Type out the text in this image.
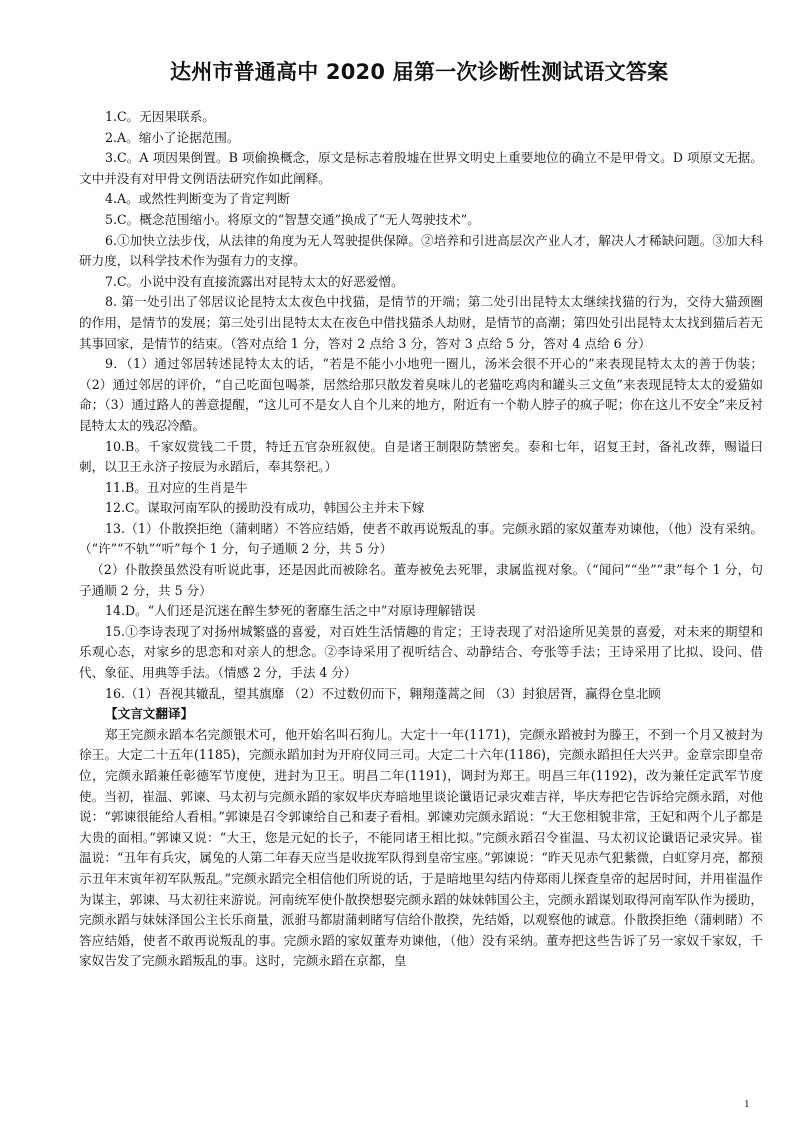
达州市普通高中 2020 届第一次诊断性测试语文答案

1.C。无因果联系。

2.A。缩小了论据范围。

3.C。A 项因果倒置。B 项偷换概念，原文是标志着殷墟在世界文明史上重要地位的确立不是甲骨文。D 项原文无据。文中并没有对甲骨文例语法研究作如此阐释。

4.A。或然性判断变为了肯定判断

5.C。概念范围缩小。将原文的“智慧交通”换成了“无人驾驶技术”。

6.①加快立法步伐，从法律的角度为无人驾驶提供保障。②培养和引进高层次产业人才，解决人才稀缺问题。③加大科研力度，以科学技术作为强有力的支撑。

7.C。小说中没有直接流露出对昆特太太的好恶爱憎。

8. 第一处引出了邻居议论昆特太太夜色中找猫，是情节的开端；第二处引出昆特太太继续找猫的行为，交待大猫颈圈的作用，是情节的发展；第三处引出昆特太太在夜色中借找猫杀人劫财，是情节的高潮；第四处引出昆特太太找到猫后若无其事回家，是情节的结束。（答对点给 1 分，答对 2 点给 3 分，答对 3 点给 5 分，答对 4 点给 6 分）

9．（1）通过邻居转述昆特太太的话，“若是不能小小地兜一圈儿，汤米会很不开心的”来表现昆特太太的善于伪装；（2）通过邻居的评价，“自己吃面包喝茶，居然给那只散发着臭味儿的老猫吃鸡肉和罐头三文鱼”来表现昆特太太的爱猫如命；（3）通过路人的善意提醒，“这儿可不是女人自个儿来的地方，附近有一个勒人脖子的疯子呢；你在这儿不安全”来反衬昆特太太的残忍冷酷。

10.B。千家奴赏钱二千贯，特迁五官杂班叙使。自是诸王制限防禁密矣。泰和七年，诏复王封，备礼改葬，赐谥曰刺，以卫王永济子按辰为永蹈后，奉其祭祀。）

11.B。丑对应的生肖是牛

12.C。谋取河南军队的援助没有成功，韩国公主并未下嫁

13.（1）仆散揆拒绝（蒲剌睹）不答应结婚，使者不敢再说叛乱的事。完颜永蹈的家奴董寿劝谏他，（他）没有采纳。（“许”“不轨”“听”每个 1 分，句子通顺 2 分，共 5 分）

（2）仆散揆虽然没有听说此事，还是因此而被除名。董寿被免去死罪，隶属监视对象。（“闻问”“坐”“隶”每个 1 分，句子通顺 2 分，共 5 分）

14.D。“人们还是沉迷在醉生梦死的奢靡生活之中”对原诗理解错误

15.①李诗表现了对扬州城繁盛的喜爱，对百姓生活情趣的肯定；王诗表现了对沿途所见美景的喜爱，对未来的期望和乐观心态，对家乡的思恋和对亲人的想念。②李诗采用了视听结合、动静结合、夸张等手法；王诗采用了比拟、设问、借代、象征、用典等手法。（情感 2 分，手法 4 分）

16.（1）吾视其辙乱，望其旗靡 （2）不过数仞而下，翱翔蓬蒿之间 （3）封狼居胥，赢得仓皇北顾

【文言文翻译】

郑王完颜永蹈本名完颜银术可，他开始名叫石狗儿。大定十一年(1171)，完颜永蹈被封为滕王，不到一个月又被封为徐王。大定二十五年(1185)，完颜永蹈加封为开府仪同三司。大定二十六年(1186)，完颜永蹈担任大兴尹。金章宗即皇帝位，完颜永蹈兼任彰德军节度使，进封为卫王。明昌二年(1191)，调封为郑王。明昌三年(1192)，改为兼任定武军节度使。当初，崔温、郭谏、马太初与完颜永蹈的家奴毕庆寿暗地里谈论谶语记录灾难吉祥，毕庆寿把它告诉给完颜永蹈，对他说：“郭谏很能给人看相。”郭谏是召令郭谏给自己和妻子看相。郭谏劝完颜永蹈说：“大王您相貌非常，王妃和两个儿子都是大贵的面相。”郭谏又说：“大王，您是元妃的长子，不能同诸王相比拟。”完颜永蹈召令崔温、马太初议论谶语记录灾异。崔温说：“丑年有兵灾，属兔的人第二年春天应当是收拢军队得到皇帝宝座。”郭谏说：“昨天见赤气犯紫微，白虹穿月亮，都预示丑年末寅年初军队叛乱。”完颜永蹈完全相信他们所说的话，于是暗地里勾结内侍郑雨儿探查皇帝的起居时间，并用崔温作为谋主，郭谏、马太初往来游说。河南统军使仆散揆想娶完颜永蹈的妹妹韩国公主，完颜永蹈谋划取得河南军队作为援助，完颜永蹈与妹妹泽国公主长乐商量，派驸马都尉蒲剌睹写信给仆散揆，先结婚，以观察他的诚意。仆散揆拒绝（蒲剌睹）不答应结婚，使者不敢再说叛乱的事。完颜永蹈的家奴董寿劝谏他，（他）没有采纳。董寿把这些告诉了另一家奴千家奴，千家奴告发了完颜永蹈叛乱的事。这时，完颜永蹈在京都，皇

1
